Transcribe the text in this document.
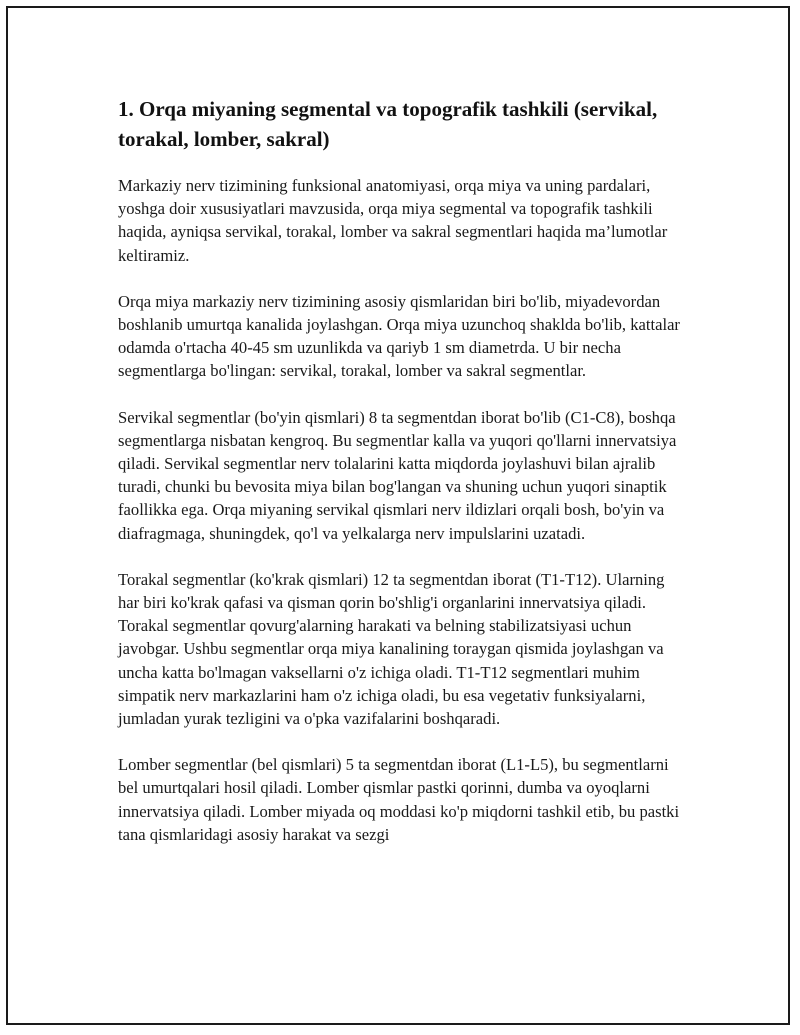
1. Orqa miyaning segmental va topografik tashkili (servikal, torakal, lomber, sakral)

Markaziy nerv tizimining funksional anatomiyasi, orqa miya va uning pardalari, yoshga doir xususiyatlari mavzusida, orqa miya segmental va topografik tashkili haqida, ayniqsa servikal, torakal, lomber va sakral segmentlari haqida ma’lumotlar keltiramiz.

Orqa miya markaziy nerv tizimining asosiy qismlaridan biri bo'lib, miyadevordan boshlanib umurtqa kanalida joylashgan. Orqa miya uzunchoq shaklda bo'lib, kattalar odamda o'rtacha 40-45 sm uzunlikda va qariyb 1 sm diametrda. U bir necha segmentlarga bo'lingan: servikal, torakal, lomber va sakral segmentlar.

Servikal segmentlar (bo'yin qismlari) 8 ta segmentdan iborat bo'lib (C1-C8), boshqa segmentlarga nisbatan kengroq. Bu segmentlar kalla va yuqori qo'llarni innervatsiya qiladi. Servikal segmentlar nerv tolalarini katta miqdorda joylashuvi bilan ajralib turadi, chunki bu bevosita miya bilan bog'langan va shuning uchun yuqori sinaptik faollikka ega. Orqa miyaning servikal qismlari nerv ildizlari orqali bosh, bo'yin va diafragmaga, shuningdek, qo'l va yelkalarga nerv impulslarini uzatadi.

Torakal segmentlar (ko'krak qismlari) 12 ta segmentdan iborat (T1-T12). Ularning har biri ko'krak qafasi va qisman qorin bo'shlig'i organlarini innervatsiya qiladi. Torakal segmentlar qovurg'alarning harakati va belning stabilizatsiyasi uchun javobgar. Ushbu segmentlar orqa miya kanalining toraygan qismida joylashgan va uncha katta bo'lmagan vaksellarni o'z ichiga oladi. T1-T12 segmentlari muhim simpatik nerv markazlarini ham o'z ichiga oladi, bu esa vegetativ funksiyalarni, jumladan yurak tezligini va o'pka vazifalarini boshqaradi.

Lomber segmentlar (bel qismlari) 5 ta segmentdan iborat (L1-L5), bu segmentlarni bel umurtqalari hosil qiladi. Lomber qismlar pastki qorinni, dumba va oyoqlarni innervatsiya qiladi. Lomber miyada oq moddasi ko'p miqdorni tashkil etib, bu pastki tana qismlaridagi asosiy harakat va sezgi
